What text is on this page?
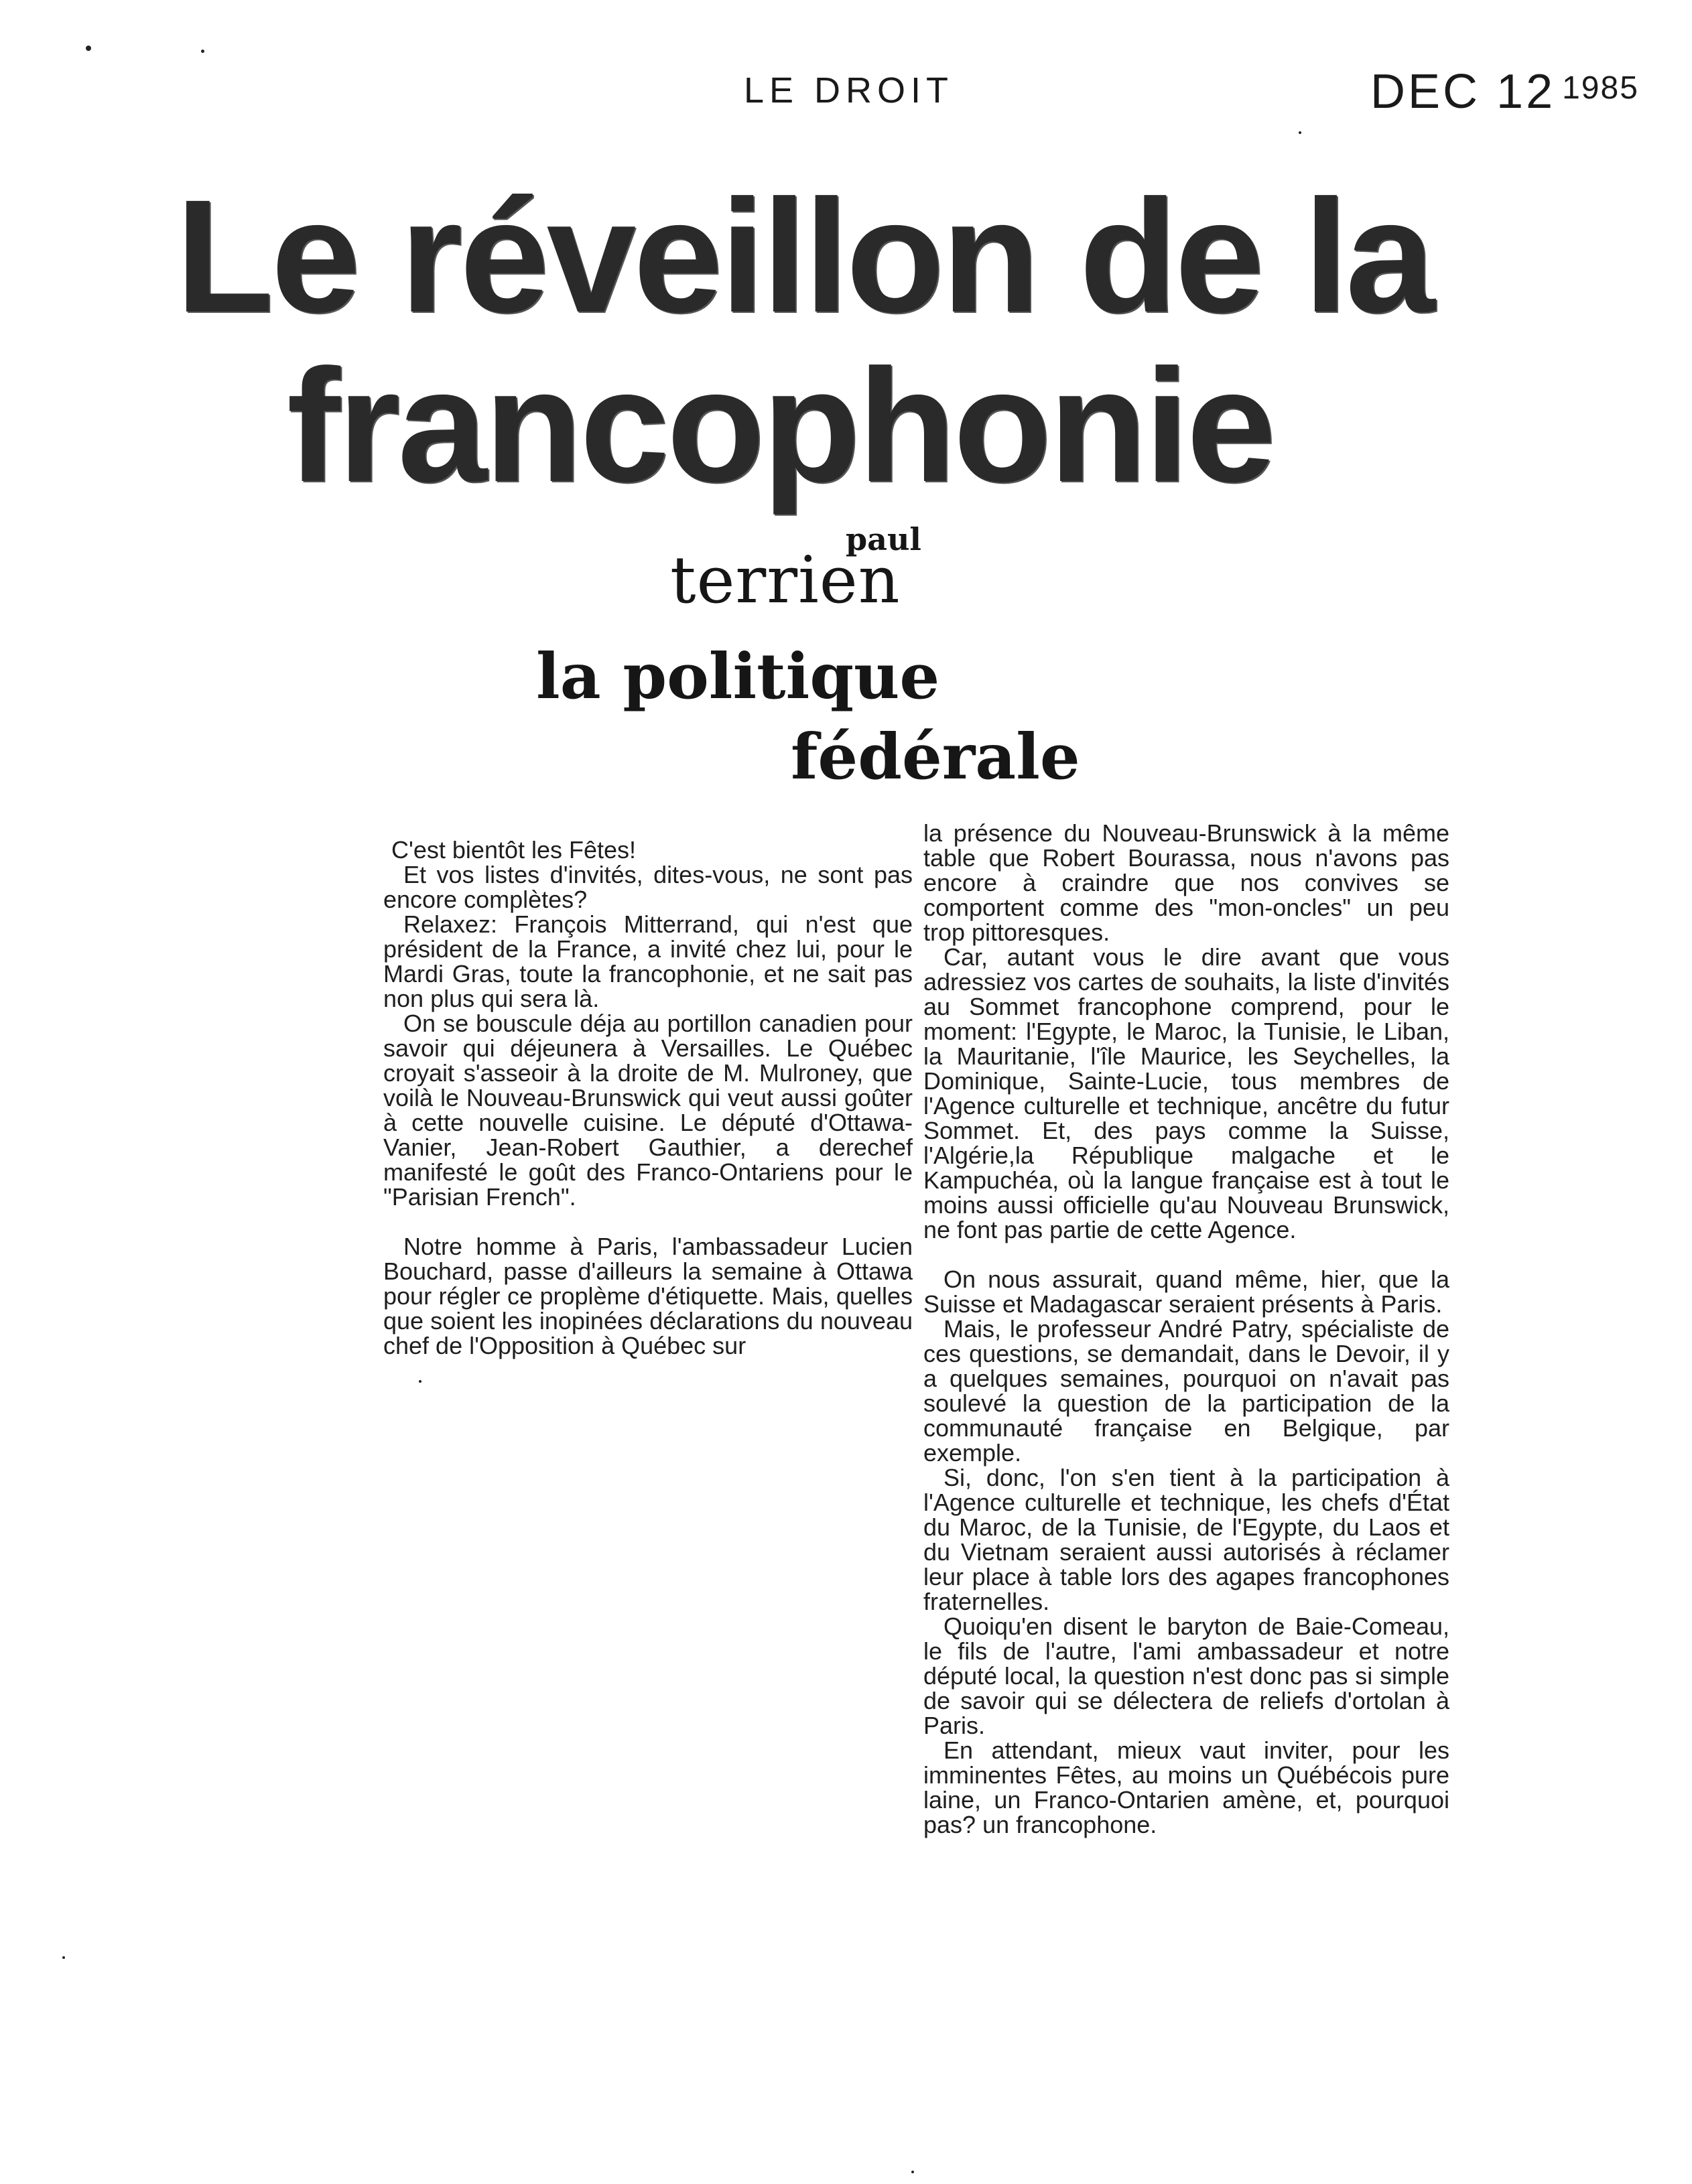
LE DROIT	DEC 12 1985
Le réveillon de la
francophonie
paul
terrien
la politique
fédérale

C'est bientôt les Fêtes!

Et vos listes d'invités, dites-vous, ne sont pas encore complètes?

Relaxez: François Mitterrand, qui n'est que président de la France, a invité chez lui, pour le Mardi Gras, toute la francophonie, et ne sait pas non plus qui sera là.

On se bouscule déja au portillon canadien pour savoir qui déjeunera à Versailles. Le Québec croyait s'asseoir à la droite de M. Mulroney, que voilà le Nouveau-Brunswick qui veut aussi goûter à cette nouvelle cuisine. Le député d'Ottawa-Vanier, Jean-Robert Gauthier, a derechef manifesté le goût des Franco-Ontariens pour le "Parisian French".

Notre homme à Paris, l'ambassadeur Lucien Bouchard, passe d'ailleurs la semaine à Ottawa pour régler ce proplème d'étiquette. Mais, quelles que soient les inopinées déclarations du nouveau chef de l'Opposition à Québec sur

la présence du Nouveau-Brunswick à la même table que Robert Bourassa, nous n'avons pas encore à craindre que nos convives se comportent comme des "mon-oncles" un peu trop pittoresques.

Car, autant vous le dire avant que vous adressiez vos cartes de souhaits, la liste d'invités au Sommet francophone comprend, pour le moment: l'Egypte, le Maroc, la Tunisie, le Liban, la Mauritanie, l'île Maurice, les Seychelles, la Dominique, Sainte-Lucie, tous membres de l'Agence culturelle et technique, ancêtre du futur Sommet. Et, des pays comme la Suisse, l'Algérie,la République malgache et le Kampuchéa, où la langue française est à tout le moins aussi officielle qu'au Nouveau Brunswick, ne font pas partie de cette Agence.

On nous assurait, quand même, hier, que la Suisse et Madagascar seraient présents à Paris.

Mais, le professeur André Patry, spécialiste de ces questions, se demandait, dans le Devoir, il y a quelques semaines, pourquoi on n'avait pas soulevé la question de la participation de la communauté française en Belgique, par exemple.

Si, donc, l'on s'en tient à la participation à l'Agence culturelle et technique, les chefs d'État du Maroc, de la Tunisie, de l'Egypte, du Laos et du Vietnam seraient aussi autorisés à réclamer leur place à table lors des agapes francophones fraternelles.

Quoiqu'en disent le baryton de Baie-Comeau, le fils de l'autre, l'ami ambassadeur et notre député local, la question n'est donc pas si simple de savoir qui se délectera de reliefs d'ortolan à Paris.

En attendant, mieux vaut inviter, pour les imminentes Fêtes, au moins un Québécois pure laine, un Franco-Ontarien amène, et, pourquoi pas? un francophone.
